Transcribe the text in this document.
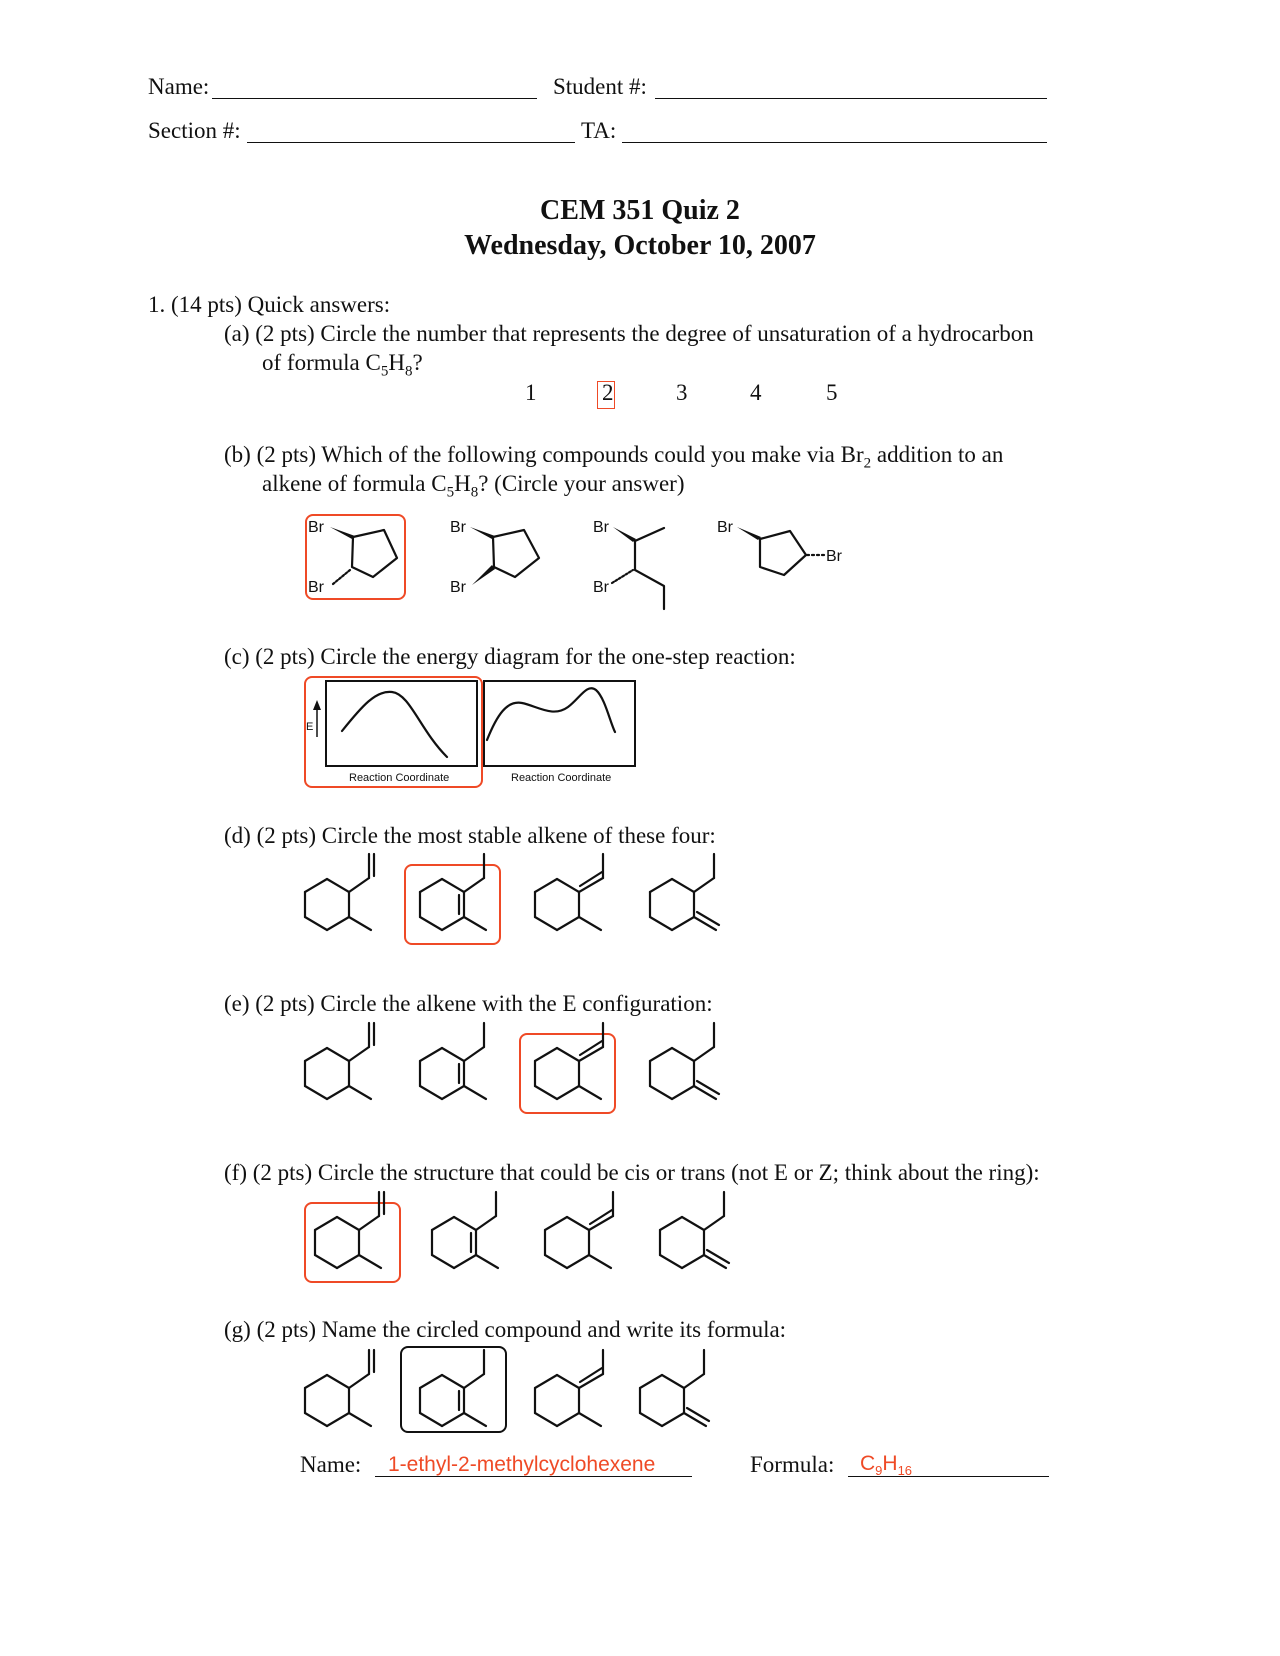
Name:	Student #:
Section #:	TA:
CEM 351 Quiz 2
Wednesday, October 10, 2007
1. (14 pts) Quick answers:
(a) (2 pts) Circle the number that represents the degree of unsaturation of a hydrocarbon
of formula $C_5H_8$?
1	2	3	4	5
(b) (2 pts) Which of the following compounds could you make via $Br_2$ addition to an
alkene of formula $C_5H_8$? (Circle your answer)
Br
Br
Br
Br
Br
Br
Br
Br
(c) (2 pts) Circle the energy diagram for the one-step reaction:
E
Reaction Coordinate	Reaction Coordinate
(d) (2 pts) Circle the most stable alkene of these four:
(e) (2 pts) Circle the alkene with the E configuration:
(f) (2 pts) Circle the structure that could be cis or trans (not E or Z; think about the ring):
(g) (2 pts) Name the circled compound and write its formula:
Name: 1-ethyl-2-methylcyclohexene	Formula: $C_9H_{16}$
